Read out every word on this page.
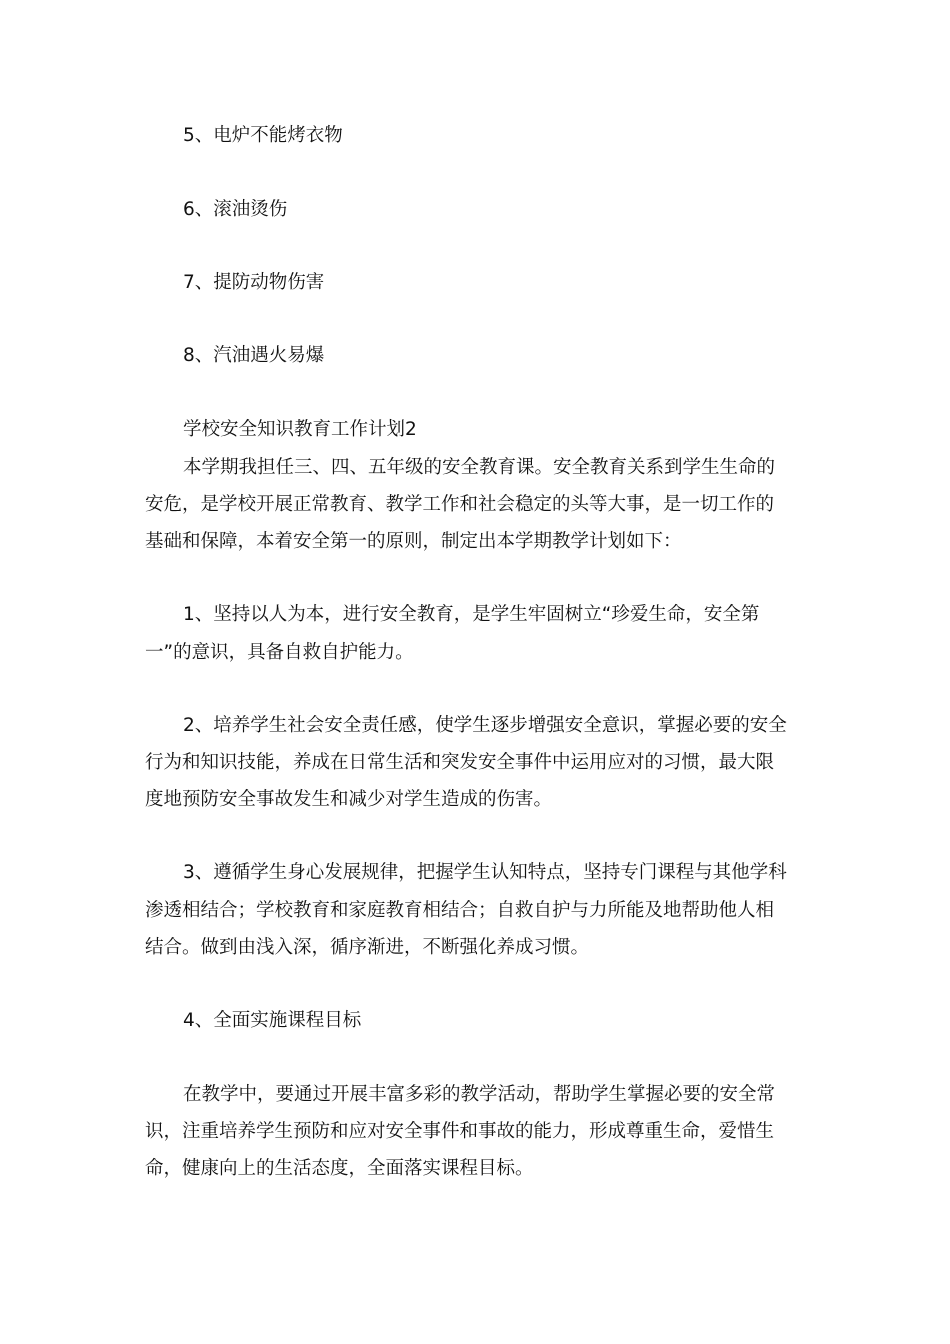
5、电炉不能烤衣物
6、滚油烫伤
7、提防动物伤害
8、汽油遇火易爆
学校安全知识教育工作计划2
本学期我担任三、四、五年级的安全教育课。安全教育关系到学生生命的
安危，是学校开展正常教育、教学工作和社会稳定的头等大事，是一切工作的
基础和保障，本着安全第一的原则，制定出本学期教学计划如下：
1、坚持以人为本，进行安全教育，是学生牢固树立“珍爱生命，安全第
一”的意识，具备自救自护能力。
2、培养学生社会安全责任感，使学生逐步增强安全意识，掌握必要的安全
行为和知识技能，养成在日常生活和突发安全事件中运用应对的习惯，最大限
度地预防安全事故发生和减少对学生造成的伤害。
3、遵循学生身心发展规律，把握学生认知特点，坚持专门课程与其他学科
渗透相结合；学校教育和家庭教育相结合；自救自护与力所能及地帮助他人相
结合。做到由浅入深，循序渐进，不断强化养成习惯。
4、全面实施课程目标
在教学中，要通过开展丰富多彩的教学活动，帮助学生掌握必要的安全常
识，注重培养学生预防和应对安全事件和事故的能力，形成尊重生命，爱惜生
命，健康向上的生活态度，全面落实课程目标。
